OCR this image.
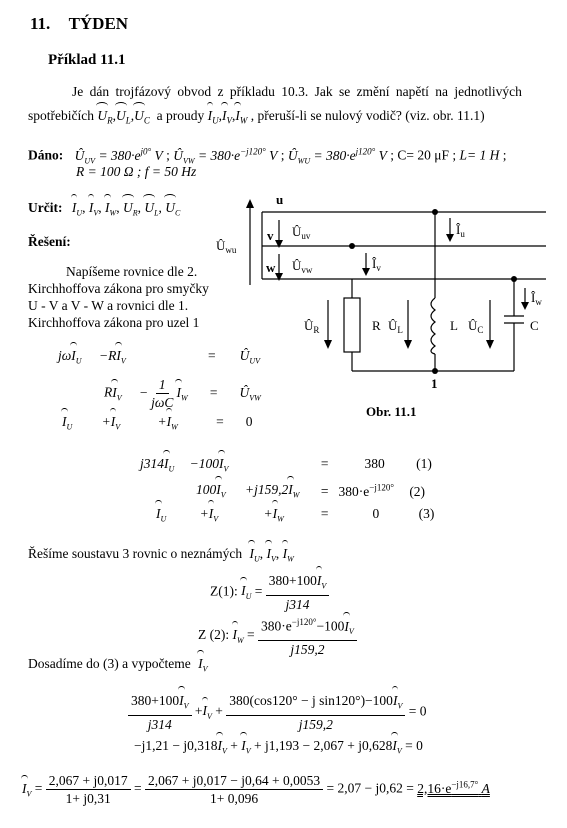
11. TÝDEN
Příklad 11.1
Je dán trojfázový obvod z příkladu 10.3. Jak se změní napětí na jednotlivých
spotřebičích $U_R,U_L,U_C$ a proudy $I_U,I_V,I_W$ , přeruší-li se nulový vodič? (viz. obr. 11.1)
Dáno: $Û_{UV} = 380\cdot e^{j0^\circ}$ V ; $Û_{VW} = 380\cdot e^{-j120^\circ}$ V ; $Û_{WU} = 380\cdot e^{j120^\circ}$ V ; C= 20 μF ; L= 1 H ;
R = 100 Ω ; f = 50 Hz
Určit: $I_U$, $I_V$, $I_W$, $U_R$, $U_L$, $U_C$
Řešení:
Napíšeme rovnice dle 2.
Kirchhoffova zákona pro smyčky
U - V a V - W a rovnici dle 1.
Kirchhoffova zákona pro uzel 1
u
v
w
$Û_{wu}$
$Û_{uv}$
$Û_{vw}$
$Î_u$
$Î_v$
$Î_w$
$Û_R$	R $Û_L$	L $Û_C$	C
1
Obr. 11.1
$j\omega I_U -RI_V$	= $Û_{UV}$
$RI_V - \frac{1}{\text{jωC}} I_W$ = $Û_{VW}$
$I_U +I_V$	$+I_W$	= 0
$j314I_U -100I_V$	=	380 (1)
$100I_V +j159,2I_W = 380\cdot e^{-j120^\circ}$ (2)
$I_U +I_V$	$+I_W$	=	0	(3)
Řešíme soustavu 3 rovnic o neznámých $I_U$, $I_V$, $I_W$
Z(1): $I_U = \frac{380+100I_V}{j314}$
Z (2): $I_W = \frac{380\cdot e^{-j120^\circ}-100I_V}{j159,2}$
Dosadíme do (3) a vypočteme $I_V$
$\frac{380+100I_V}{j314} +I_V + \frac{380(\cos 120^\circ - j \sin 120^\circ)-100I_V}{j159,2} = 0$
$-j1,21 - j0,318I_V + I_V + j1,193 - 2,067 + j0,628I_V = 0$
$I_V = \frac{2,067 + j0,017}{1+ j0,31} = \frac{2,067 + j0,017 - j0,64 + 0,0053}{1+ 0,096} = 2,07 - j0,62 = 2,16\cdot e^{-j16,7^\circ}$ A
